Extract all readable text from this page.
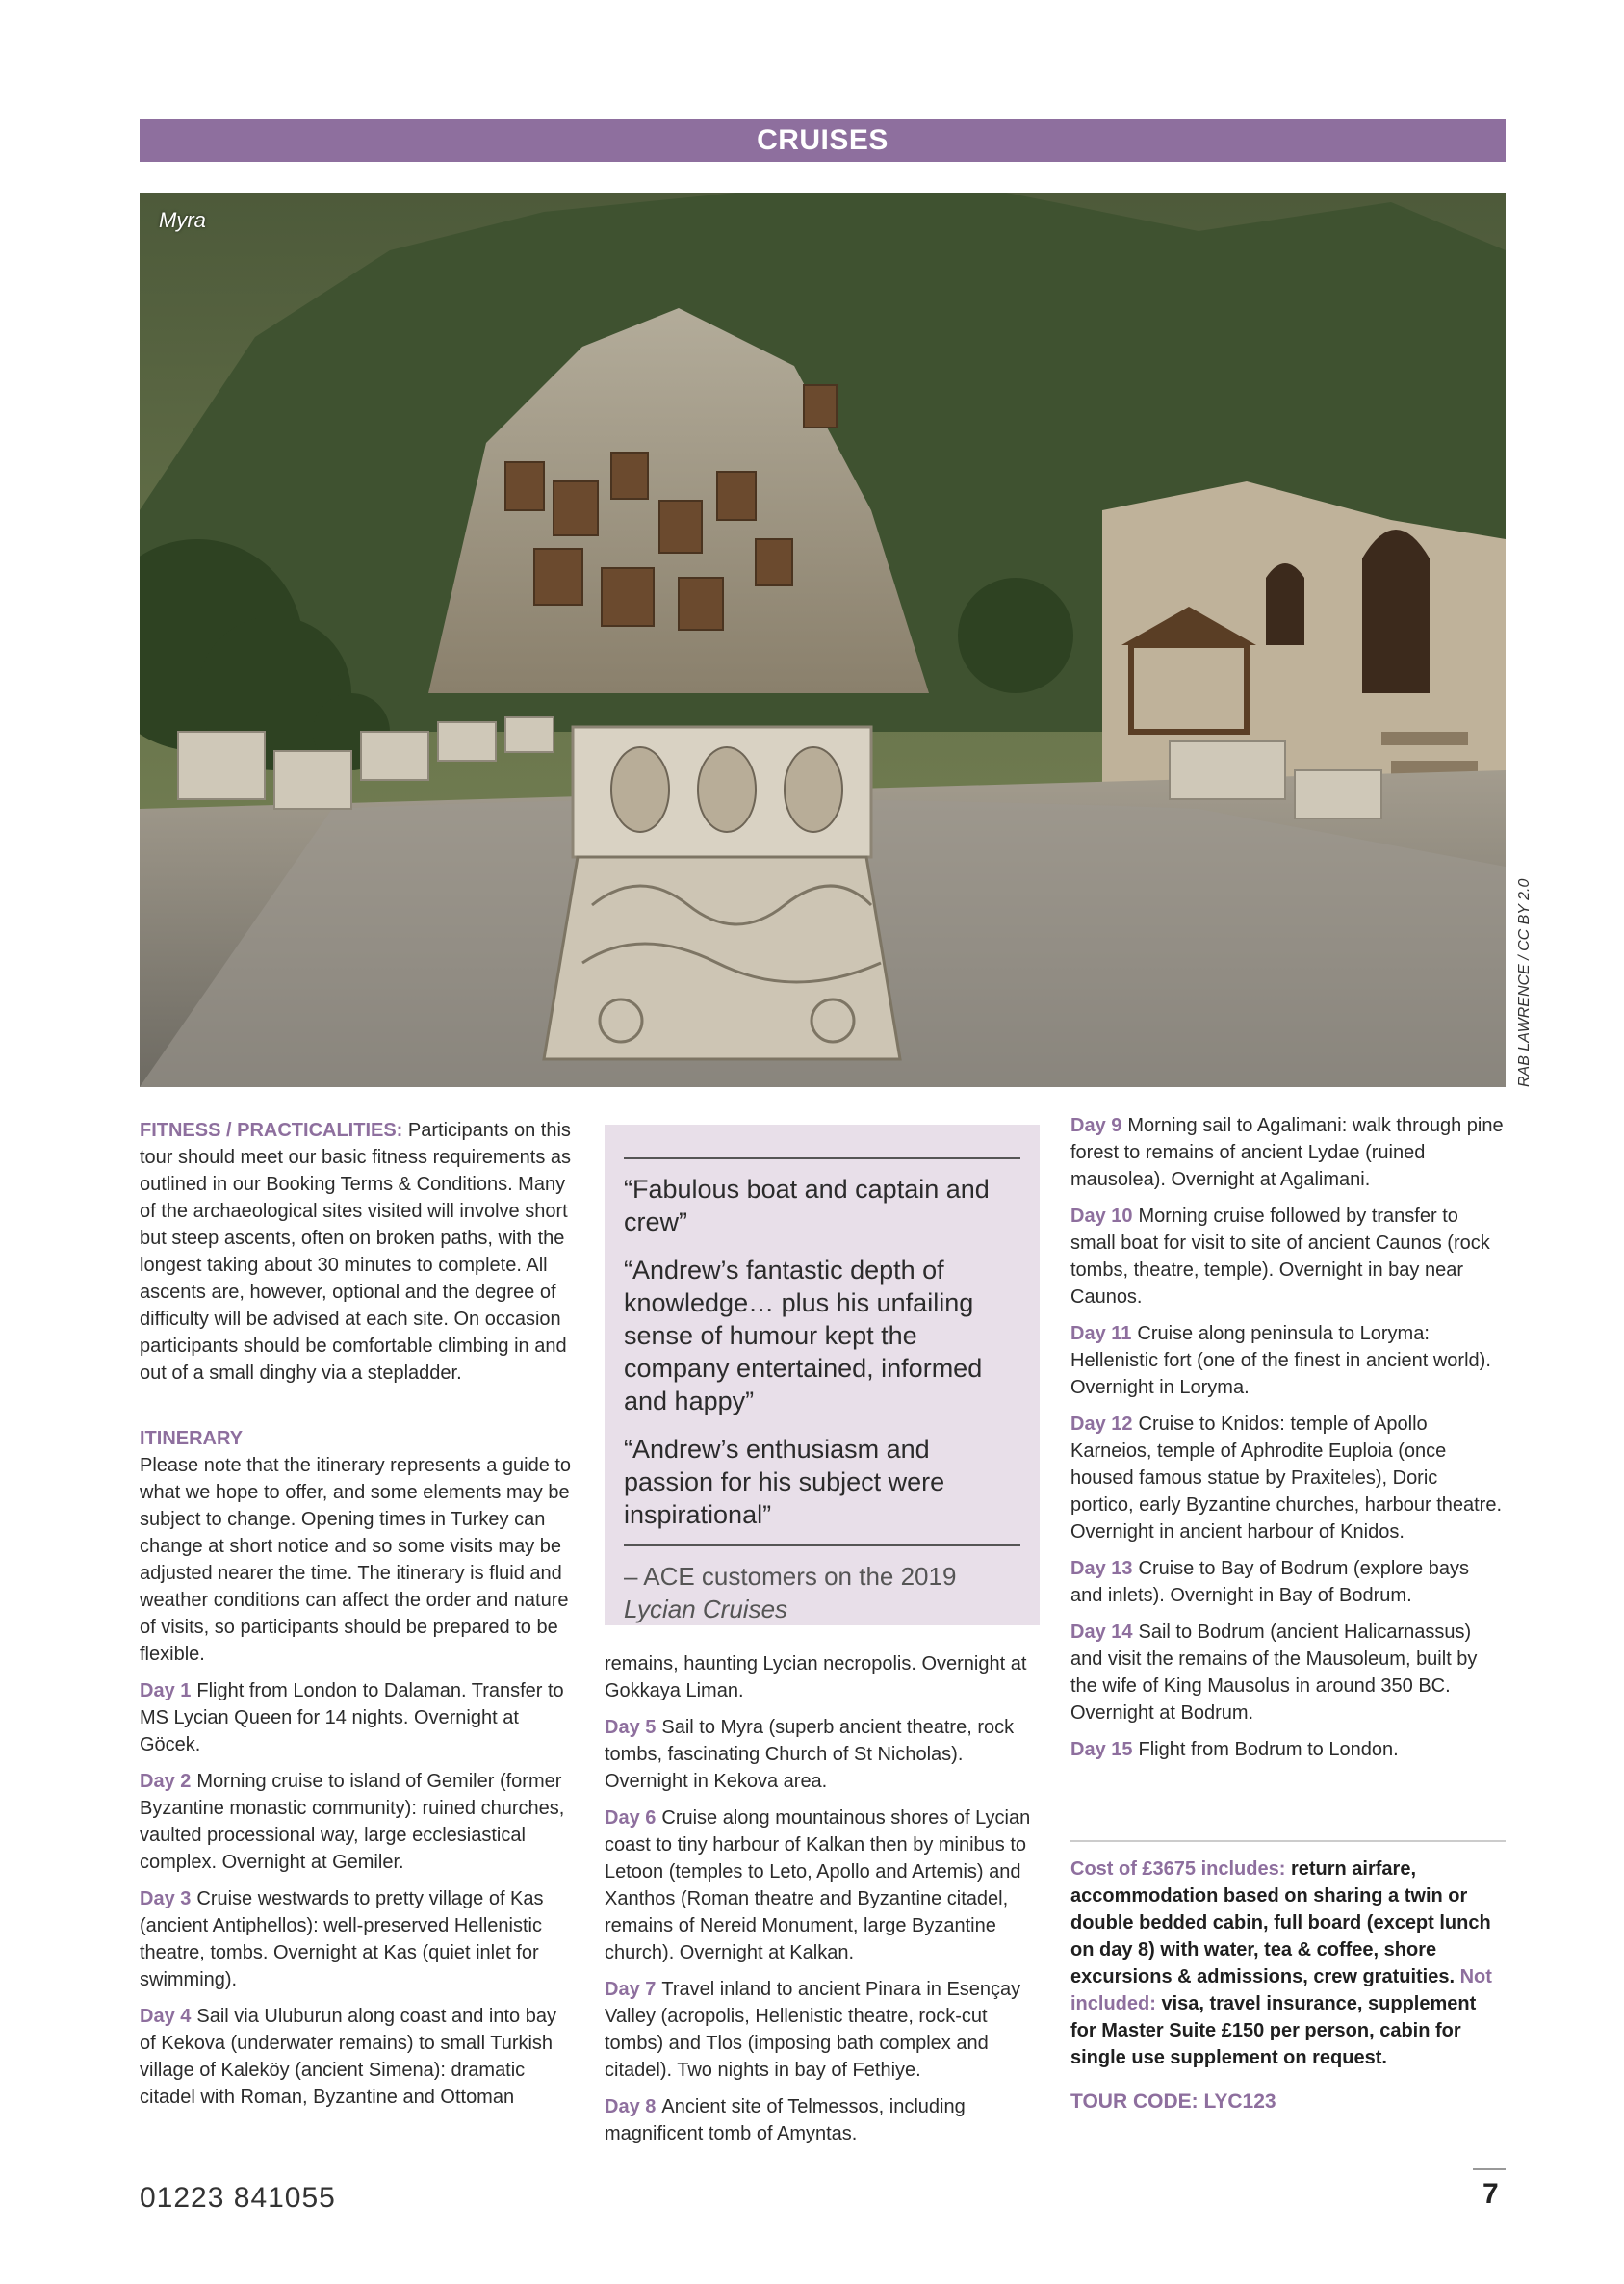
CRUISES
Myra
RAB LAWRENCE / CC BY 2.0

FITNESS / PRACTICALITIES: Participants on this tour should meet our basic fitness requirements as outlined in our Booking Terms & Conditions. Many of the archaeological sites visited will involve short but steep ascents, often on broken paths, with the longest taking about 30 minutes to complete. All ascents are, however, optional and the degree of difficulty will be advised at each site. On occasion participants should be comfortable climbing in and out of a small dinghy via a stepladder.

ITINERARY

Please note that the itinerary represents a guide to what we hope to offer, and some elements may be subject to change. Opening times in Turkey can change at short notice and so some visits may be adjusted nearer the time. The itinerary is fluid and weather conditions can affect the order and nature of visits, so participants should be prepared to be flexible.

Day 1 Flight from London to Dalaman. Transfer to MS Lycian Queen for 14 nights. Overnight at Göcek.

Day 2 Morning cruise to island of Gemiler (former Byzantine monastic community): ruined churches, vaulted processional way, large ecclesiastical complex. Overnight at Gemiler.

Day 3 Cruise westwards to pretty village of Kas (ancient Antiphellos): well-preserved Hellenistic theatre, tombs. Overnight at Kas (quiet inlet for swimming).

Day 4 Sail via Uluburun along coast and into bay of Kekova (underwater remains) to small Turkish village of Kaleköy (ancient Simena): dramatic citadel with Roman, Byzantine and Ottoman

“Fabulous boat and captain and crew”

“Andrew’s fantastic depth of knowledge… plus his unfailing sense of humour kept the company entertained, informed and happy”

“Andrew’s enthusiasm and passion for his subject were inspirational”

– ACE customers on the 2019 Lycian Cruises

remains, haunting Lycian necropolis. Overnight at Gokkaya Liman.

Day 5 Sail to Myra (superb ancient theatre, rock tombs, fascinating Church of St Nicholas). Overnight in Kekova area.

Day 6 Cruise along mountainous shores of Lycian coast to tiny harbour of Kalkan then by minibus to Letoon (temples to Leto, Apollo and Artemis) and Xanthos (Roman theatre and Byzantine citadel, remains of Nereid Monument, large Byzantine church). Overnight at Kalkan.

Day 7 Travel inland to ancient Pinara in Esençay Valley (acropolis, Hellenistic theatre, rock-cut tombs) and Tlos (imposing bath complex and citadel). Two nights in bay of Fethiye.

Day 8 Ancient site of Telmessos, including magnificent tomb of Amyntas.

Day 9 Morning sail to Agalimani: walk through pine forest to remains of ancient Lydae (ruined mausolea). Overnight at Agalimani.

Day 10 Morning cruise followed by transfer to small boat for visit to site of ancient Caunos (rock tombs, theatre, temple). Overnight in bay near Caunos.

Day 11 Cruise along peninsula to Loryma: Hellenistic fort (one of the finest in ancient world). Overnight in Loryma.

Day 12 Cruise to Knidos: temple of Apollo Karneios, temple of Aphrodite Euploia (once housed famous statue by Praxiteles), Doric portico, early Byzantine churches, harbour theatre. Overnight in ancient harbour of Knidos.

Day 13 Cruise to Bay of Bodrum (explore bays and inlets). Overnight in Bay of Bodrum.

Day 14 Sail to Bodrum (ancient Halicarnassus) and visit the remains of the Mausoleum, built by the wife of King Mausolus in around 350 BC. Overnight at Bodrum.

Day 15 Flight from Bodrum to London.

Cost of £3675 includes: return airfare, accommodation based on sharing a twin or double bedded cabin, full board (except lunch on day 8) with water, tea & coffee, shore excursions & admissions, crew gratuities. Not included: visa, travel insurance, supplement for Master Suite £150 per person, cabin for single use supplement on request.
TOUR CODE: LYC123
01223 841055	7
